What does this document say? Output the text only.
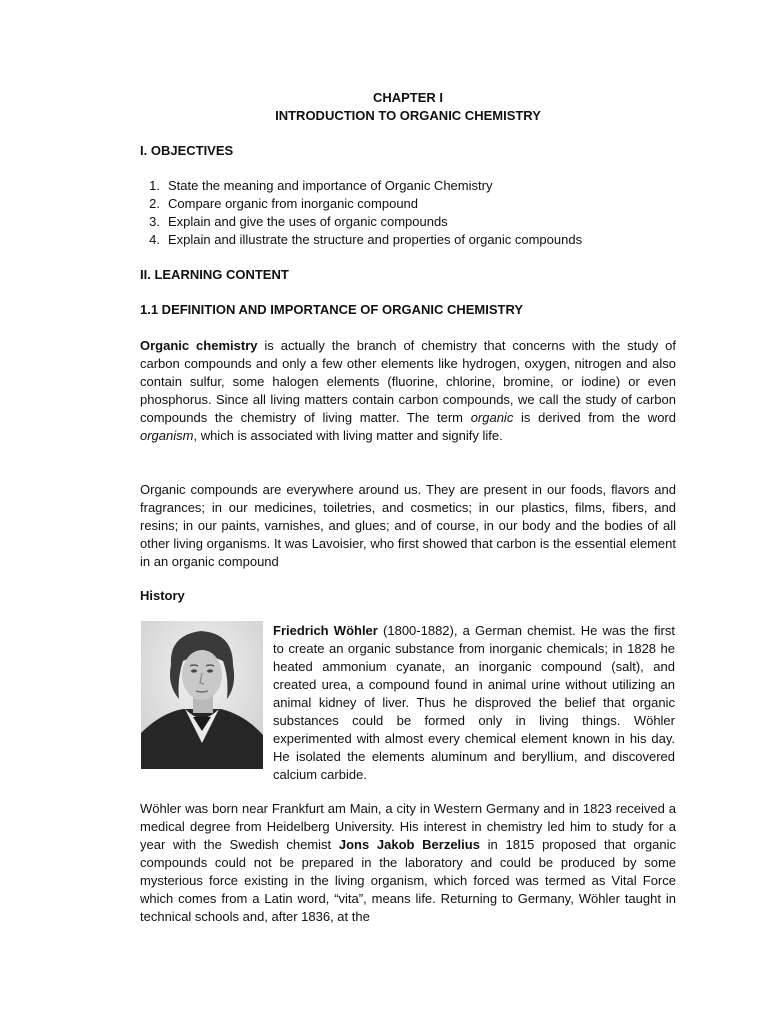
CHAPTER I
INTRODUCTION TO ORGANIC CHEMISTRY
I. OBJECTIVES
1. State the meaning and importance of Organic Chemistry
2. Compare organic from inorganic compound
3. Explain and give the uses of organic compounds
4. Explain and illustrate the structure and properties of organic compounds
II. LEARNING CONTENT
1.1 DEFINITION AND IMPORTANCE OF ORGANIC CHEMISTRY

Organic chemistry is actually the branch of chemistry that concerns with the study of carbon compounds and only a few other elements like hydrogen, oxygen, nitrogen and also contain sulfur, some halogen elements (fluorine, chlorine, bromine, or iodine) or even phosphorus. Since all living matters contain carbon compounds, we call the study of carbon compounds the chemistry of living matter. The term organic is derived from the word organism, which is associated with living matter and signify life.

Organic compounds are everywhere around us. They are present in our foods, flavors and fragrances; in our medicines, toiletries, and cosmetics; in our plastics, films, fibers, and resins; in our paints, varnishes, and glues; and of course, in our body and the bodies of all other living organisms. It was Lavoisier, who first showed that carbon is the essential element in an organic compound

History

Friedrich Wöhler (1800-1882), a German chemist. He was the first to create an organic substance from inorganic chemicals; in 1828 he heated ammonium cyanate, an inorganic compound (salt), and created urea, a compound found in animal urine without utilizing an animal kidney of liver. Thus he disproved the belief that organic substances could be formed only in living things. Wöhler experimented with almost every chemical element known in his day. He isolated the elements aluminum and beryllium, and discovered calcium carbide.

Wöhler was born near Frankfurt am Main, a city in Western Germany and in 1823 received a medical degree from Heidelberg University. His interest in chemistry led him to study for a year with the Swedish chemist Jons Jakob Berzelius in 1815 proposed that organic compounds could not be prepared in the laboratory and could be produced by some mysterious force existing in the living organism, which forced was termed as Vital Force which comes from a Latin word, “vita”, means life. Returning to Germany, Wöhler taught in technical schools and, after 1836, at the
